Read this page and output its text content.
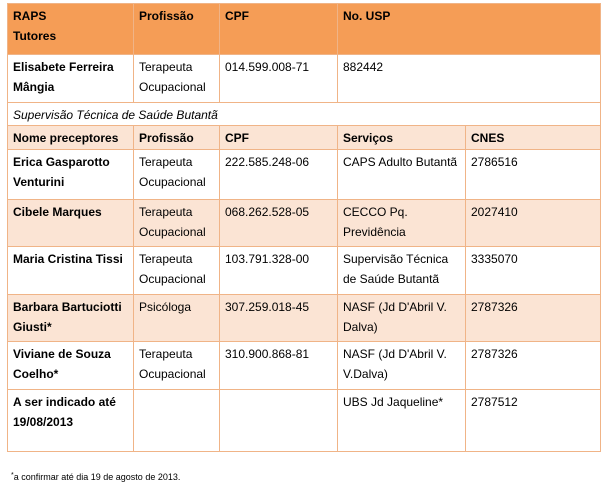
RAPS
Tutores	Profissão	CPF	No. USP	
Elisabete Ferreira Mângia	Terapeuta Ocupacional	014.599.008-71	882442	
Supervisão Técnica de Saúde Butantã				
Nome preceptores	Profissão	CPF	Serviços	CNES
Erica Gasparotto Venturini	Terapeuta Ocupacional	222.585.248-06	CAPS Adulto Butantã	2786516
Cibele Marques	Terapeuta Ocupacional	068.262.528-05	CECCO Pq. Previdência	2027410
Maria Cristina Tissi	Terapeuta Ocupacional	103.791.328-00	Supervisão Técnica de Saúde Butantã	3335070
Barbara Bartuciotti Giusti*	Psicóloga	307.259.018-45	NASF (Jd D'Abril V. Dalva)	2787326
Viviane de Souza Coelho*	Terapeuta Ocupacional	310.900.868-81	NASF (Jd D'Abril V. V.Dalva)	2787326
A ser indicado até 19/08/2013			UBS Jd Jaqueline*	2787512
*a confirmar até dia 19 de agosto de 2013.
